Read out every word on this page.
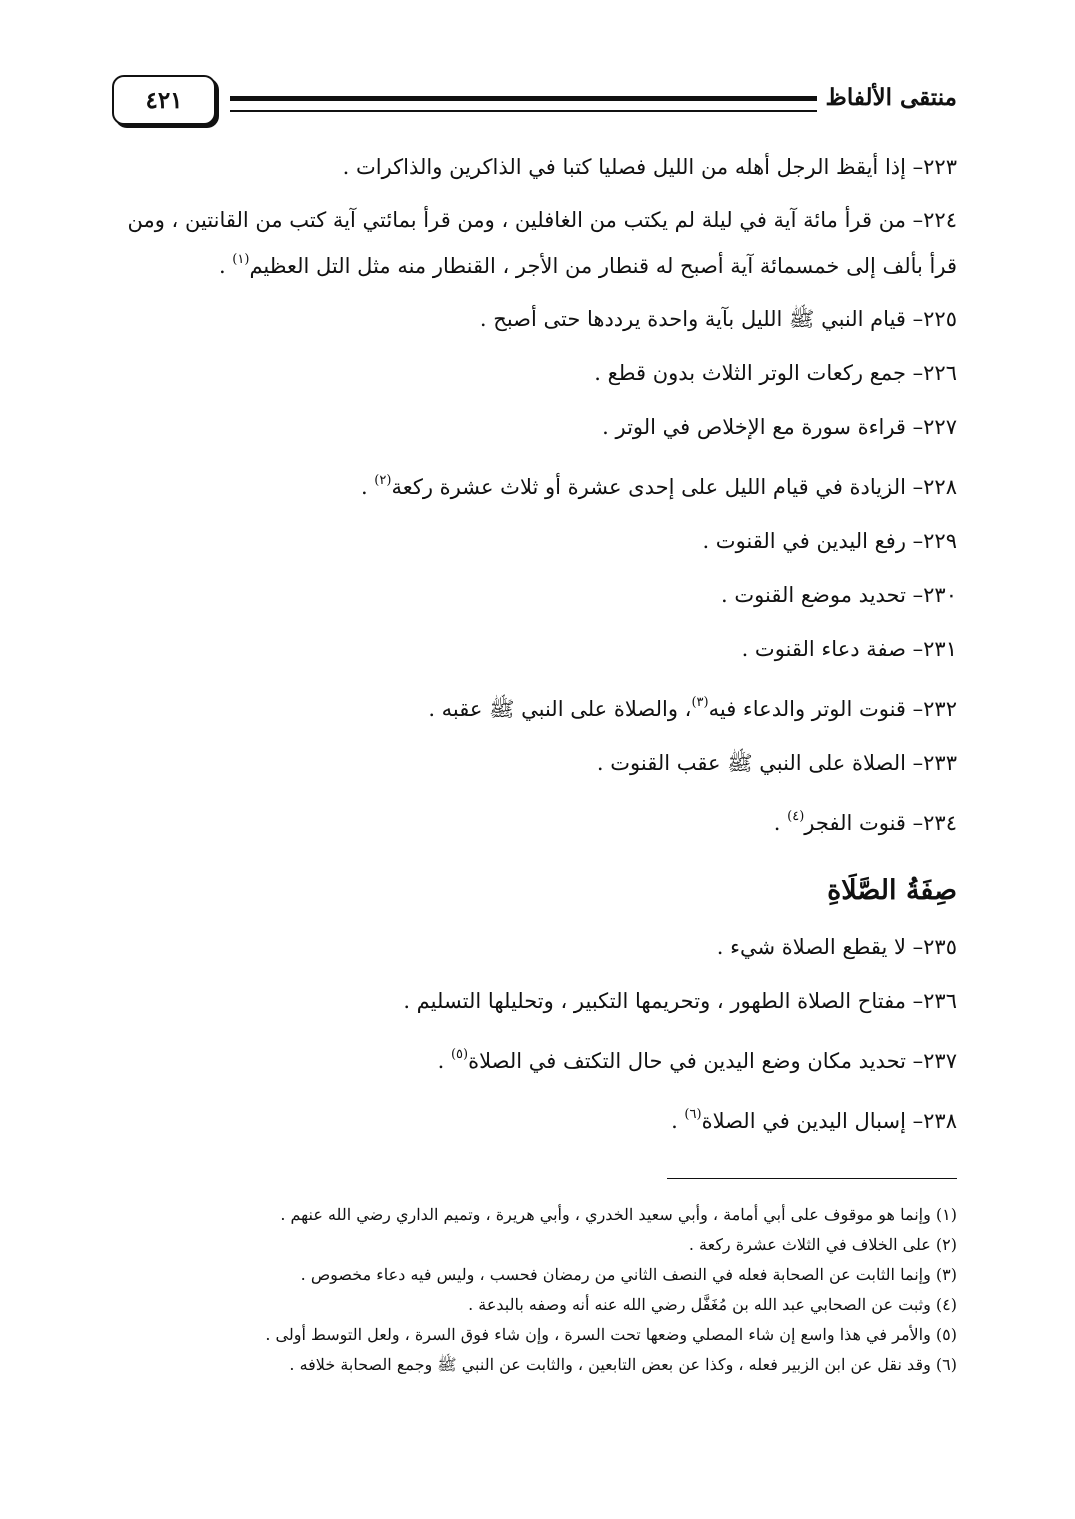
منتقى الألفاظ
٤٢١

٢٢٣– إذا أيقظ الرجل أهله من الليل فصليا كتبا في الذاكرين والذاكرات .

٢٢٤– من قرأ مائة آية في ليلة لم يكتب من الغافلين ، ومن قرأ بمائتي آية كتب من القانتين ، ومن قرأ بألف إلى خمسمائة آية أصبح له قنطار من الأجر ، القنطار منه مثل التل العظيم$^{(١)}$ .

٢٢٥– قيام النبي ﷺ الليل بآية واحدة يرددها حتى أصبح .

٢٢٦– جمع ركعات الوتر الثلاث بدون قطع .

٢٢٧– قراءة سورة مع الإخلاص في الوتر .

٢٢٨– الزيادة في قيام الليل على إحدى عشرة أو ثلاث عشرة ركعة$^{(٢)}$ .

٢٢٩– رفع اليدين في القنوت .

٢٣٠– تحديد موضع القنوت .

٢٣١– صفة دعاء القنوت .

٢٣٢– قنوت الوتر والدعاء فيه$^{(٣)}$، والصلاة على النبي ﷺ عقبه .

٢٣٣– الصلاة على النبي ﷺ عقب القنوت .

٢٣٤– قنوت الفجر$^{(٤)}$ .

صِفَةُ الصَّلَاةِ

٢٣٥– لا يقطع الصلاة شيء .

٢٣٦– مفتاح الصلاة الطهور ، وتحريمها التكبير ، وتحليلها التسليم .

٢٣٧– تحديد مكان وضع اليدين في حال التكتف في الصلاة$^{(٥)}$ .

٢٣٨– إسبال اليدين في الصلاة$^{(٦)}$ .

(١) وإنما هو موقوف على أبي أمامة ، وأبي سعيد الخدري ، وأبي هريرة ، وتميم الداري رضي الله عنهم .

(٢) على الخلاف في الثلاث عشرة ركعة .

(٣) وإنما الثابت عن الصحابة فعله في النصف الثاني من رمضان فحسب ، وليس فيه دعاء مخصوص .

(٤) وثبت عن الصحابي عبد الله بن مُغَفَّل رضي الله عنه أنه وصفه بالبدعة .

(٥) والأمر في هذا واسع إن شاء المصلي وضعها تحت السرة ، وإن شاء فوق السرة ، ولعل التوسط أولى .

(٦) وقد نقل عن ابن الزبير فعله ، وكذا عن بعض التابعين ، والثابت عن النبي ﷺ وجمع الصحابة خلافه .
